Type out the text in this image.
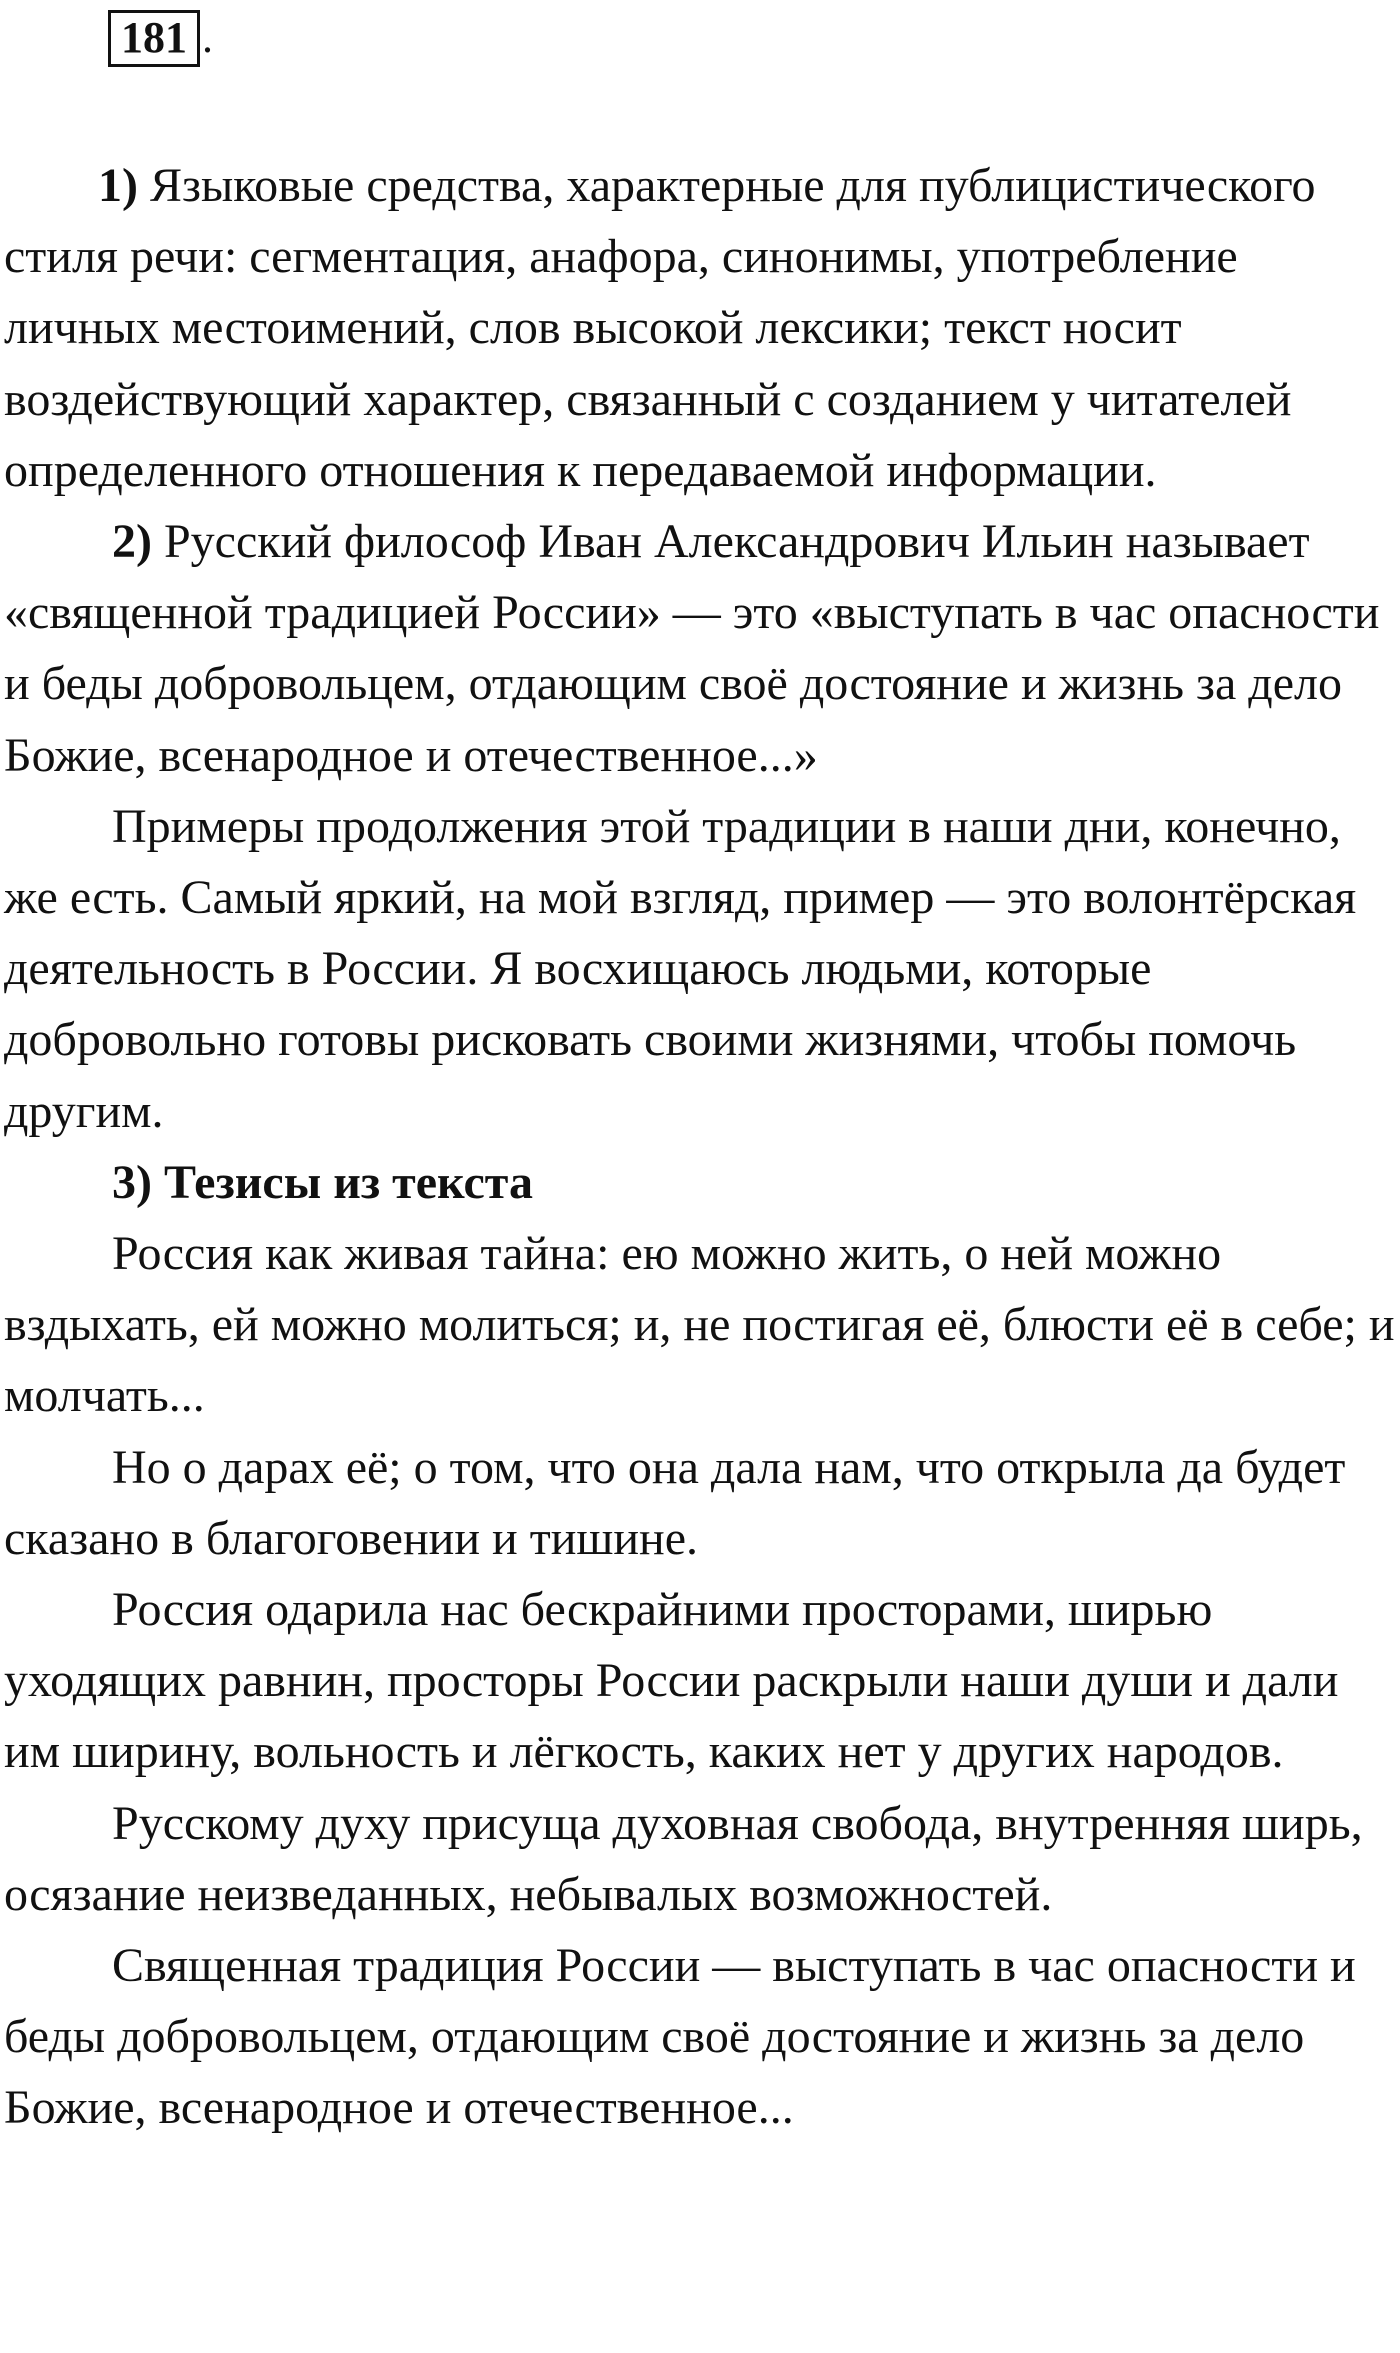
181 .

1) Языковые средства, характерные для публицистического стиля речи: сегментация, анафора, синонимы, употребление личных местоимений, слов высокой лексики; текст носит воздействующий характер, связанный с созданием у читателей определенного отношения к передаваемой информации.

2) Русский философ Иван Александрович Ильин называет «священной традицией России» — это «выступать в час опасности и беды добровольцем, отдающим своё достояние и жизнь за дело Божие, всенародное и отечественное...»

Примеры продолжения этой традиции в наши дни, конечно, же есть. Самый яркий, на мой взгляд, пример — это волонтёрская деятельность в России. Я восхищаюсь людьми, которые добровольно готовы рисковать своими жизнями, чтобы помочь другим.

3) Тезисы из текста

Россия как живая тайна: ею можно жить, о ней можно вздыхать, ей можно молиться; и, не постигая её, блюсти её в себе; и молчать...

Но о дарах её; о том, что она дала нам, что открыла да будет сказано в благоговении и тишине.

Россия одарила нас бескрайними просторами, ширью уходящих равнин, просторы России раскрыли наши души и дали им ширину, вольность и лёгкость, каких нет у других народов.

Русскому духу присуща духовная свобода, внутренняя ширь, осязание неизведанных, небывалых возможностей.

Священная традиция России — выступать в час опасности и беды добровольцем, отдающим своё достояние и жизнь за дело Божие, всенародное и отечественное...
